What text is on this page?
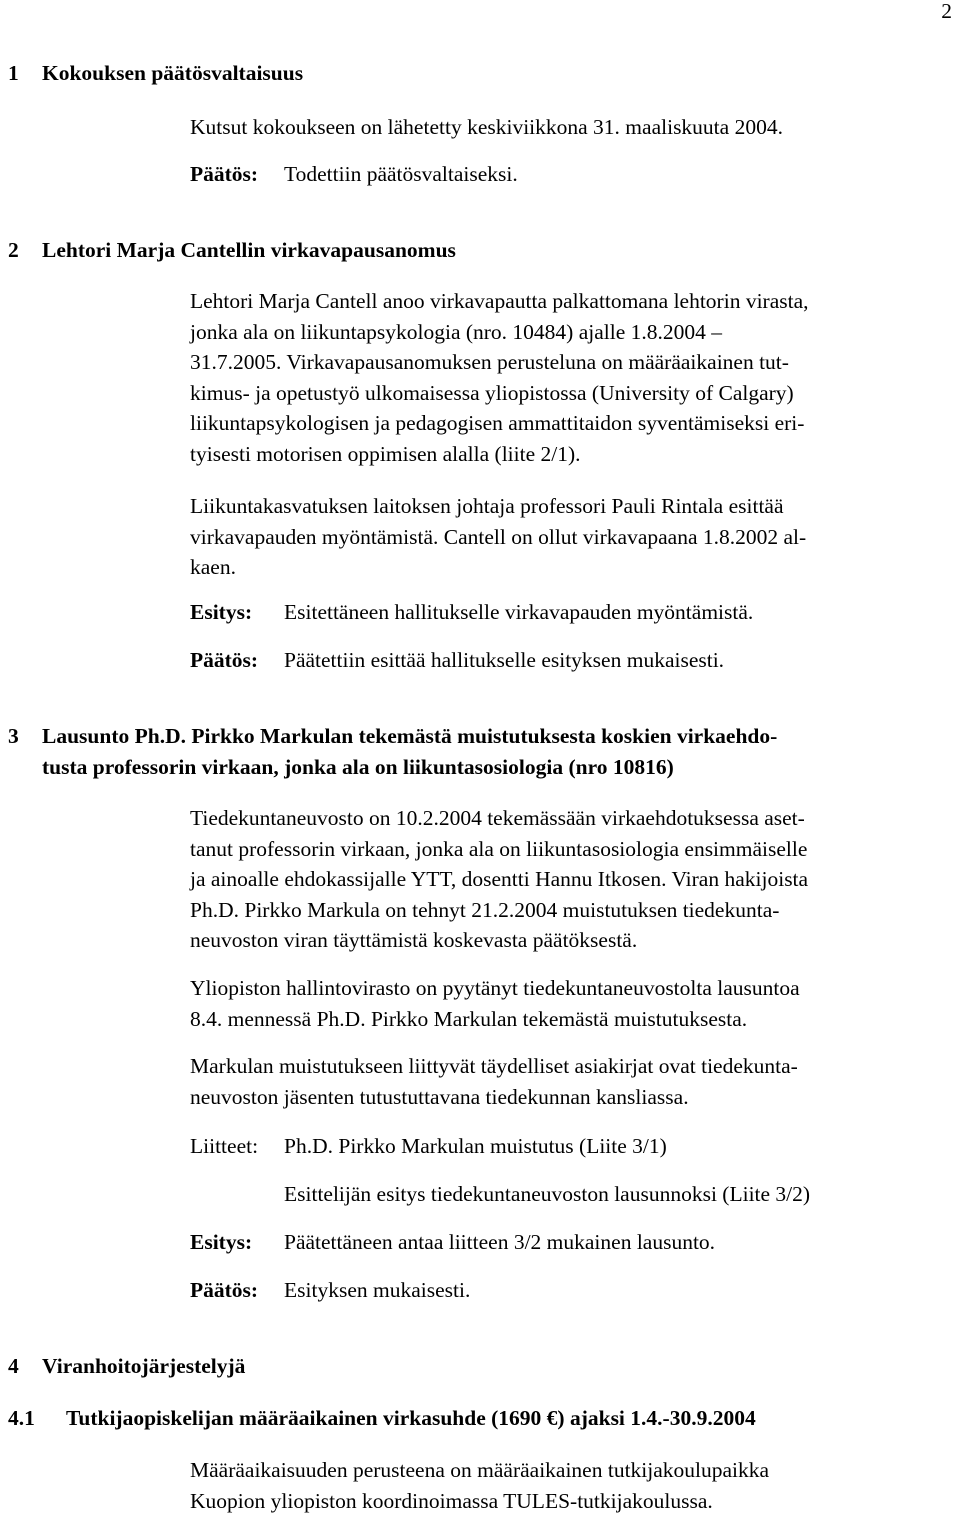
2
1 Kokouksen päätösvaltaisuus
Kutsut kokoukseen on lähetetty keskiviikkona 31. maaliskuuta 2004.
Päätös: Todettiin päätösvaltaiseksi.
2 Lehtori Marja Cantellin virkavapausanomus

Lehtori Marja Cantell anoo virkavapautta palkattomana lehtorin virasta,

jonka ala on liikuntapsykologia (nro. 10484) ajalle 1.8.2004 –

31.7.2005. Virkavapausanomuksen perusteluna on määräaikainen tut-

kimus- ja opetustyö ulkomaisessa yliopistossa (University of Calgary)

liikuntapsykologisen ja pedagogisen ammattitaidon syventämiseksi eri-

tyisesti motorisen oppimisen alalla (liite 2/1).

Liikuntakasvatuksen laitoksen johtaja professori Pauli Rintala esittää

virkavapauden myöntämistä. Cantell on ollut virkavapaana 1.8.2002 al-

kaen.

Esitys: Esitettäneen hallitukselle virkavapauden myöntämistä.
Päätös: Päätettiin esittää hallitukselle esityksen mukaisesti.
3 Lausunto Ph.D. Pirkko Markulan tekemästä muistutuksesta koskien virkaehdo-
tusta professorin virkaan, jonka ala on liikuntasosiologia (nro 10816)

Tiedekuntaneuvosto on 10.2.2004 tekemässään virkaehdotuksessa aset-

tanut professorin virkaan, jonka ala on liikuntasosiologia ensimmäiselle

ja ainoalle ehdokassijalle YTT, dosentti Hannu Itkosen. Viran hakijoista

Ph.D. Pirkko Markula on tehnyt 21.2.2004 muistutuksen tiedekunta-

neuvoston viran täyttämistä koskevasta päätöksestä.

Yliopiston hallintovirasto on pyytänyt tiedekuntaneuvostolta lausuntoa

8.4. mennessä Ph.D. Pirkko Markulan tekemästä muistutuksesta.

Markulan muistutukseen liittyvät täydelliset asiakirjat ovat tiedekunta-

neuvoston jäsenten tutustuttavana tiedekunnan kansliassa.

Liitteet: Ph.D. Pirkko Markulan muistutus (Liite 3/1)
Esittelijän esitys tiedekuntaneuvoston lausunnoksi (Liite 3/2)
Esitys: Päätettäneen antaa liitteen 3/2 mukainen lausunto.
Päätös: Esityksen mukaisesti.
4 Viranhoitojärjestelyjä
4.1 Tutkijaopiskelijan määräaikainen virkasuhde (1690 €) ajaksi 1.4.-30.9.2004

Määräaikaisuuden perusteena on määräaikainen tutkijakoulupaikka

Kuopion yliopiston koordinoimassa TULES-tutkijakoulussa.
